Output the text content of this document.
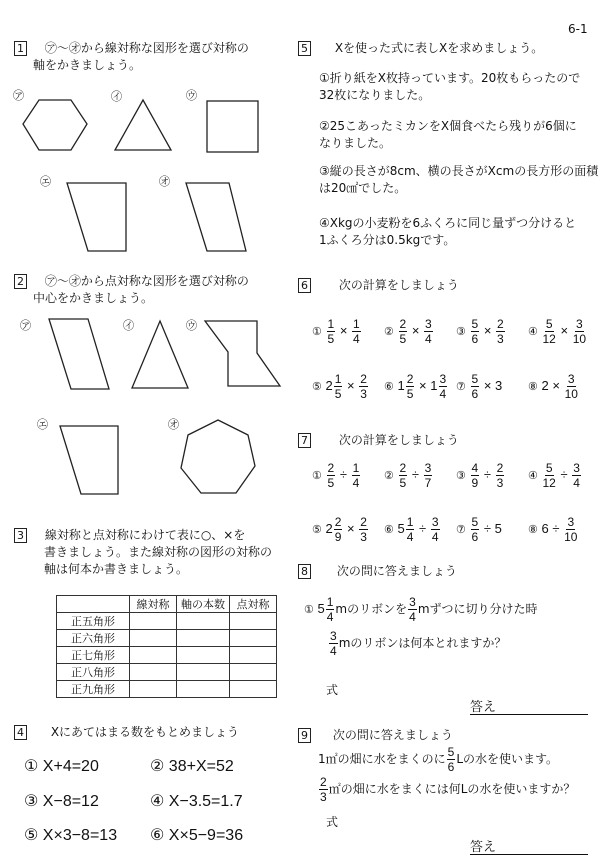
6-1
1 ㋐～㋔から線対称な図形を選び対称の
軸をかきましょう。
㋐	㋑	㋒
㋓	㋔
2 ㋐～㋔から点対称な図形を選び対称の
中心をかきましょう。
㋐	㋑	㋒
㋓	㋔
3 線対称と点対称にわけて表に○、×を
書きましょう。また線対称の図形の対称の
軸は何本か書きましょう。
	線対称	軸の本数	点対称
正五角形			
正六角形			
正七角形			
正八角形			
正九角形			
4 Xにあてはまる数をもとめましょう
① X+4=20	② 38+X=52
③ X−8=12	④ X−3.5=1.7
⑤ X×3−8=13 ⑥ X×5−9=36
5 Xを使った式に表しXを求めましょう。
①折り紙をX枚持っています。20枚もらったので
32枚になりました。
②25こあったミカンをX個食べたら残りが6個に
なりました。
③縦の長さが8cm、横の長さがXcmの長方形の面積
は20㎠でした。
④Xkgの小麦粉を6ふくろに同じ量ずつ分けると
1ふくろ分は0.5kgです。
6	次の計算をしましょう
① $\frac{1}{5} \times \frac{1}{4}$ ② $\frac{2}{5} \times \frac{3}{4}$ ③ $\frac{5}{6} \times \frac{2}{3}$ ④ $\frac{5}{12} \times \frac{3}{10}$
⑤ $2 \frac{1}{5} \times \frac{2}{3}$ ⑥ $1 \frac{2}{5} \times 1 \frac{3}{4}$ ⑦ $\frac{5}{6} \times 3$ ⑧ $2 \times \frac{3}{10}$
7	次の計算をしましょう
① $\frac{2}{5} \div \frac{1}{4}$ ② $\frac{2}{5} \div \frac{3}{7}$ ③ $\frac{4}{9} \div \frac{2}{3}$ ④ $\frac{5}{12} \div \frac{3}{4}$
⑤ $2 \frac{2}{9} \times \frac{2}{3}$ ⑥ $5 \frac{1}{4} \div \frac{3}{4}$ ⑦ $\frac{5}{6} \div 5$ ⑧ $6 \div \frac{3}{10}$
8 次の問に答えましょう
① $5 \frac{1}{4}$ mのリボンを $\frac{3}{4}$ mずつに切り分けた時
$\frac{3}{4}$ mのリボンは何本とれますか？
式
答え
9 次の問に答えましょう
1㎡の畑に水をまくのに $\frac{5}{6}$ Lの水を使います。
$\frac{2}{3}$ ㎡の畑に水をまくには何Lの水を使いますか？
式
答え
